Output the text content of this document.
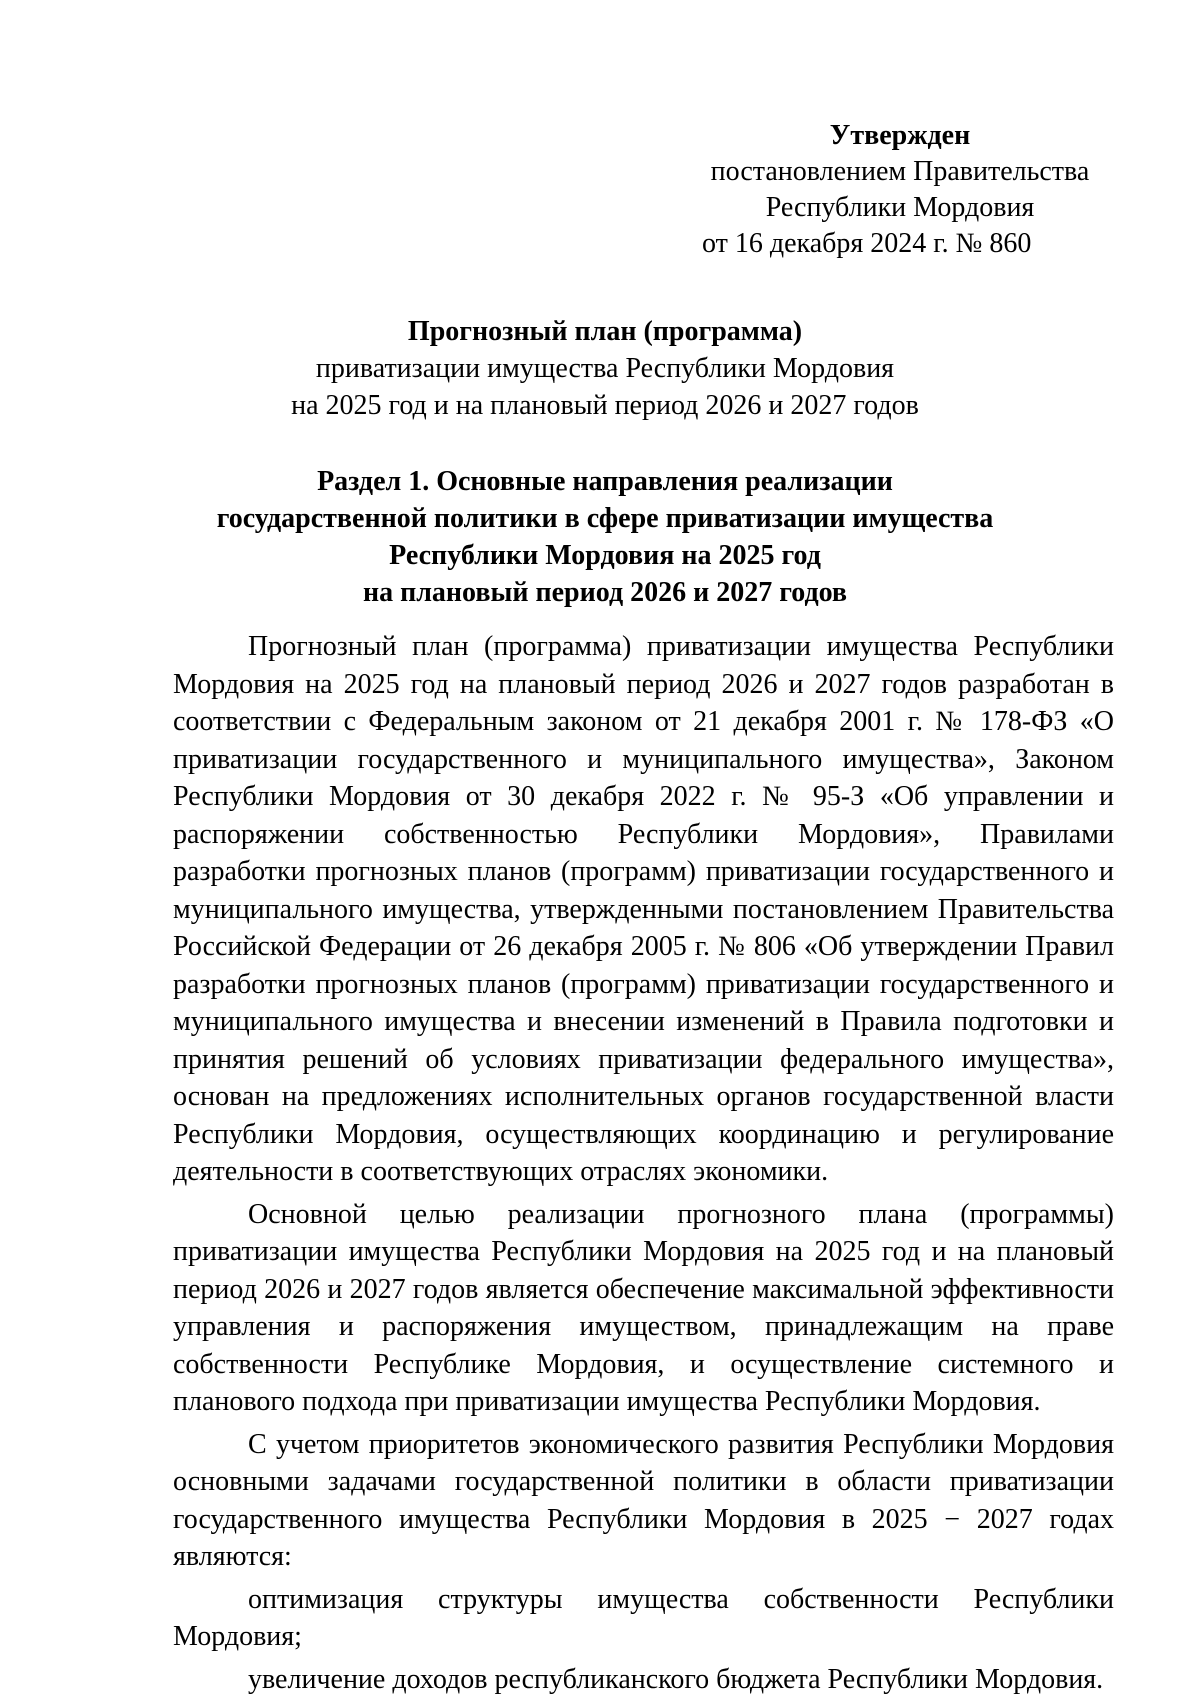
Утвержден
постановлением Правительства
Республики Мордовия
от 16 декабря 2024 г. № 860
Прогнозный план (программа)
приватизации имущества Республики Мордовия
на 2025 год и на плановый период 2026 и 2027 годов
Раздел 1. Основные направления реализации
государственной политики в сфере приватизации имущества
Республики Мордовия на 2025 год
на плановый период 2026 и 2027 годов

Прогнозный план (программа) приватизации имущества Республики Мордовия на 2025 год на плановый период 2026 и 2027 годов разработан в соответствии с Федеральным законом от 21 декабря 2001 г. № 178-ФЗ «О приватизации государственного и муниципального имущества», Законом Республики Мордовия от 30 декабря 2022 г. № 95-З «Об управлении и распоряжении собственностью Республики Мордовия», Правилами разработки прогнозных планов (программ) приватизации государственного и муниципального имущества, утвержденными постановлением Правительства Российской Федерации от 26 декабря 2005 г. № 806 «Об утверждении Правил разработки прогнозных планов (программ) приватизации государственного и муниципального имущества и внесении изменений в Правила подготовки и принятия решений об условиях приватизации федерального имущества», основан на предложениях исполнительных органов государственной власти Республики Мордовия, осуществляющих координацию и регулирование деятельности в соответствующих отраслях экономики.

Основной целью реализации прогнозного плана (программы) приватизации имущества Республики Мордовия на 2025 год и на плановый период 2026 и 2027 годов является обеспечение максимальной эффективности управления и распоряжения имуществом, принадлежащим на праве собственности Республике Мордовия, и осуществление системного и планового подхода при приватизации имущества Республики Мордовия.

С учетом приоритетов экономического развития Республики Мордовия основными задачами государственной политики в области приватизации государственного имущества Республики Мордовия в 2025 − 2027 годах являются:

оптимизация структуры имущества собственности Республики Мордовия;

увеличение доходов республиканского бюджета Республики Мордовия.
